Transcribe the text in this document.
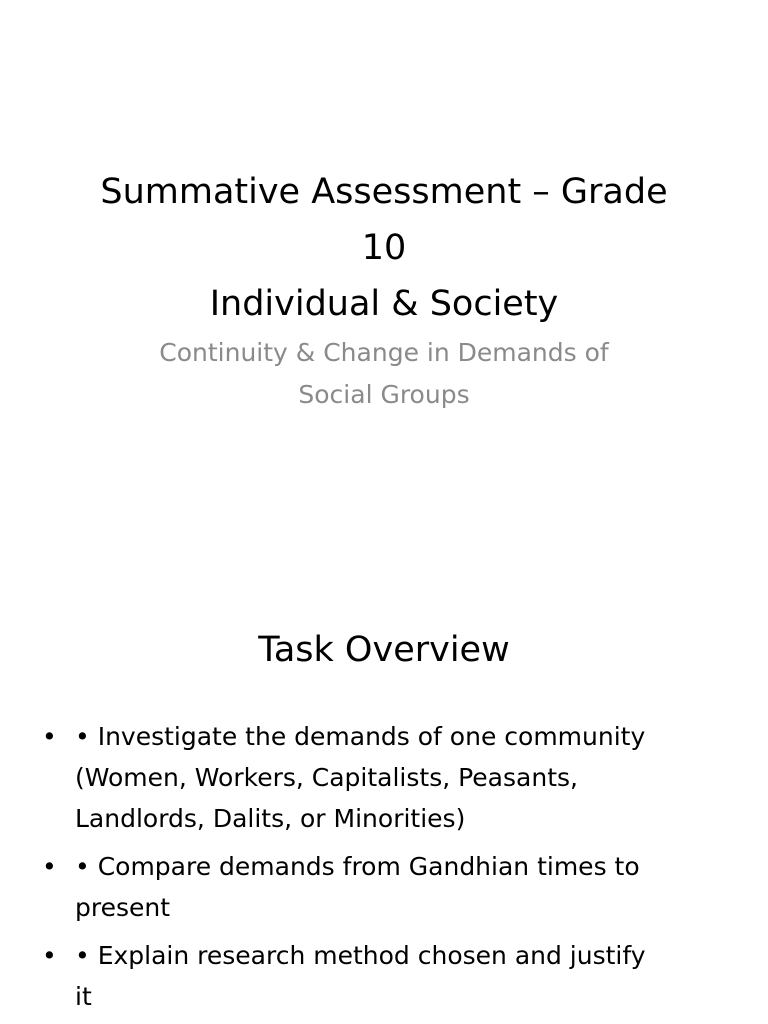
Summative Assessment – Grade
10
Individual & Society
Continuity & Change in Demands of
Social Groups
Task Overview
• • Investigate the demands of one community
(Women, Workers, Capitalists, Peasants,
Landlords, Dalits, or Minorities)
• • Compare demands from Gandhian times to
present
• • Explain research method chosen and justify
it
